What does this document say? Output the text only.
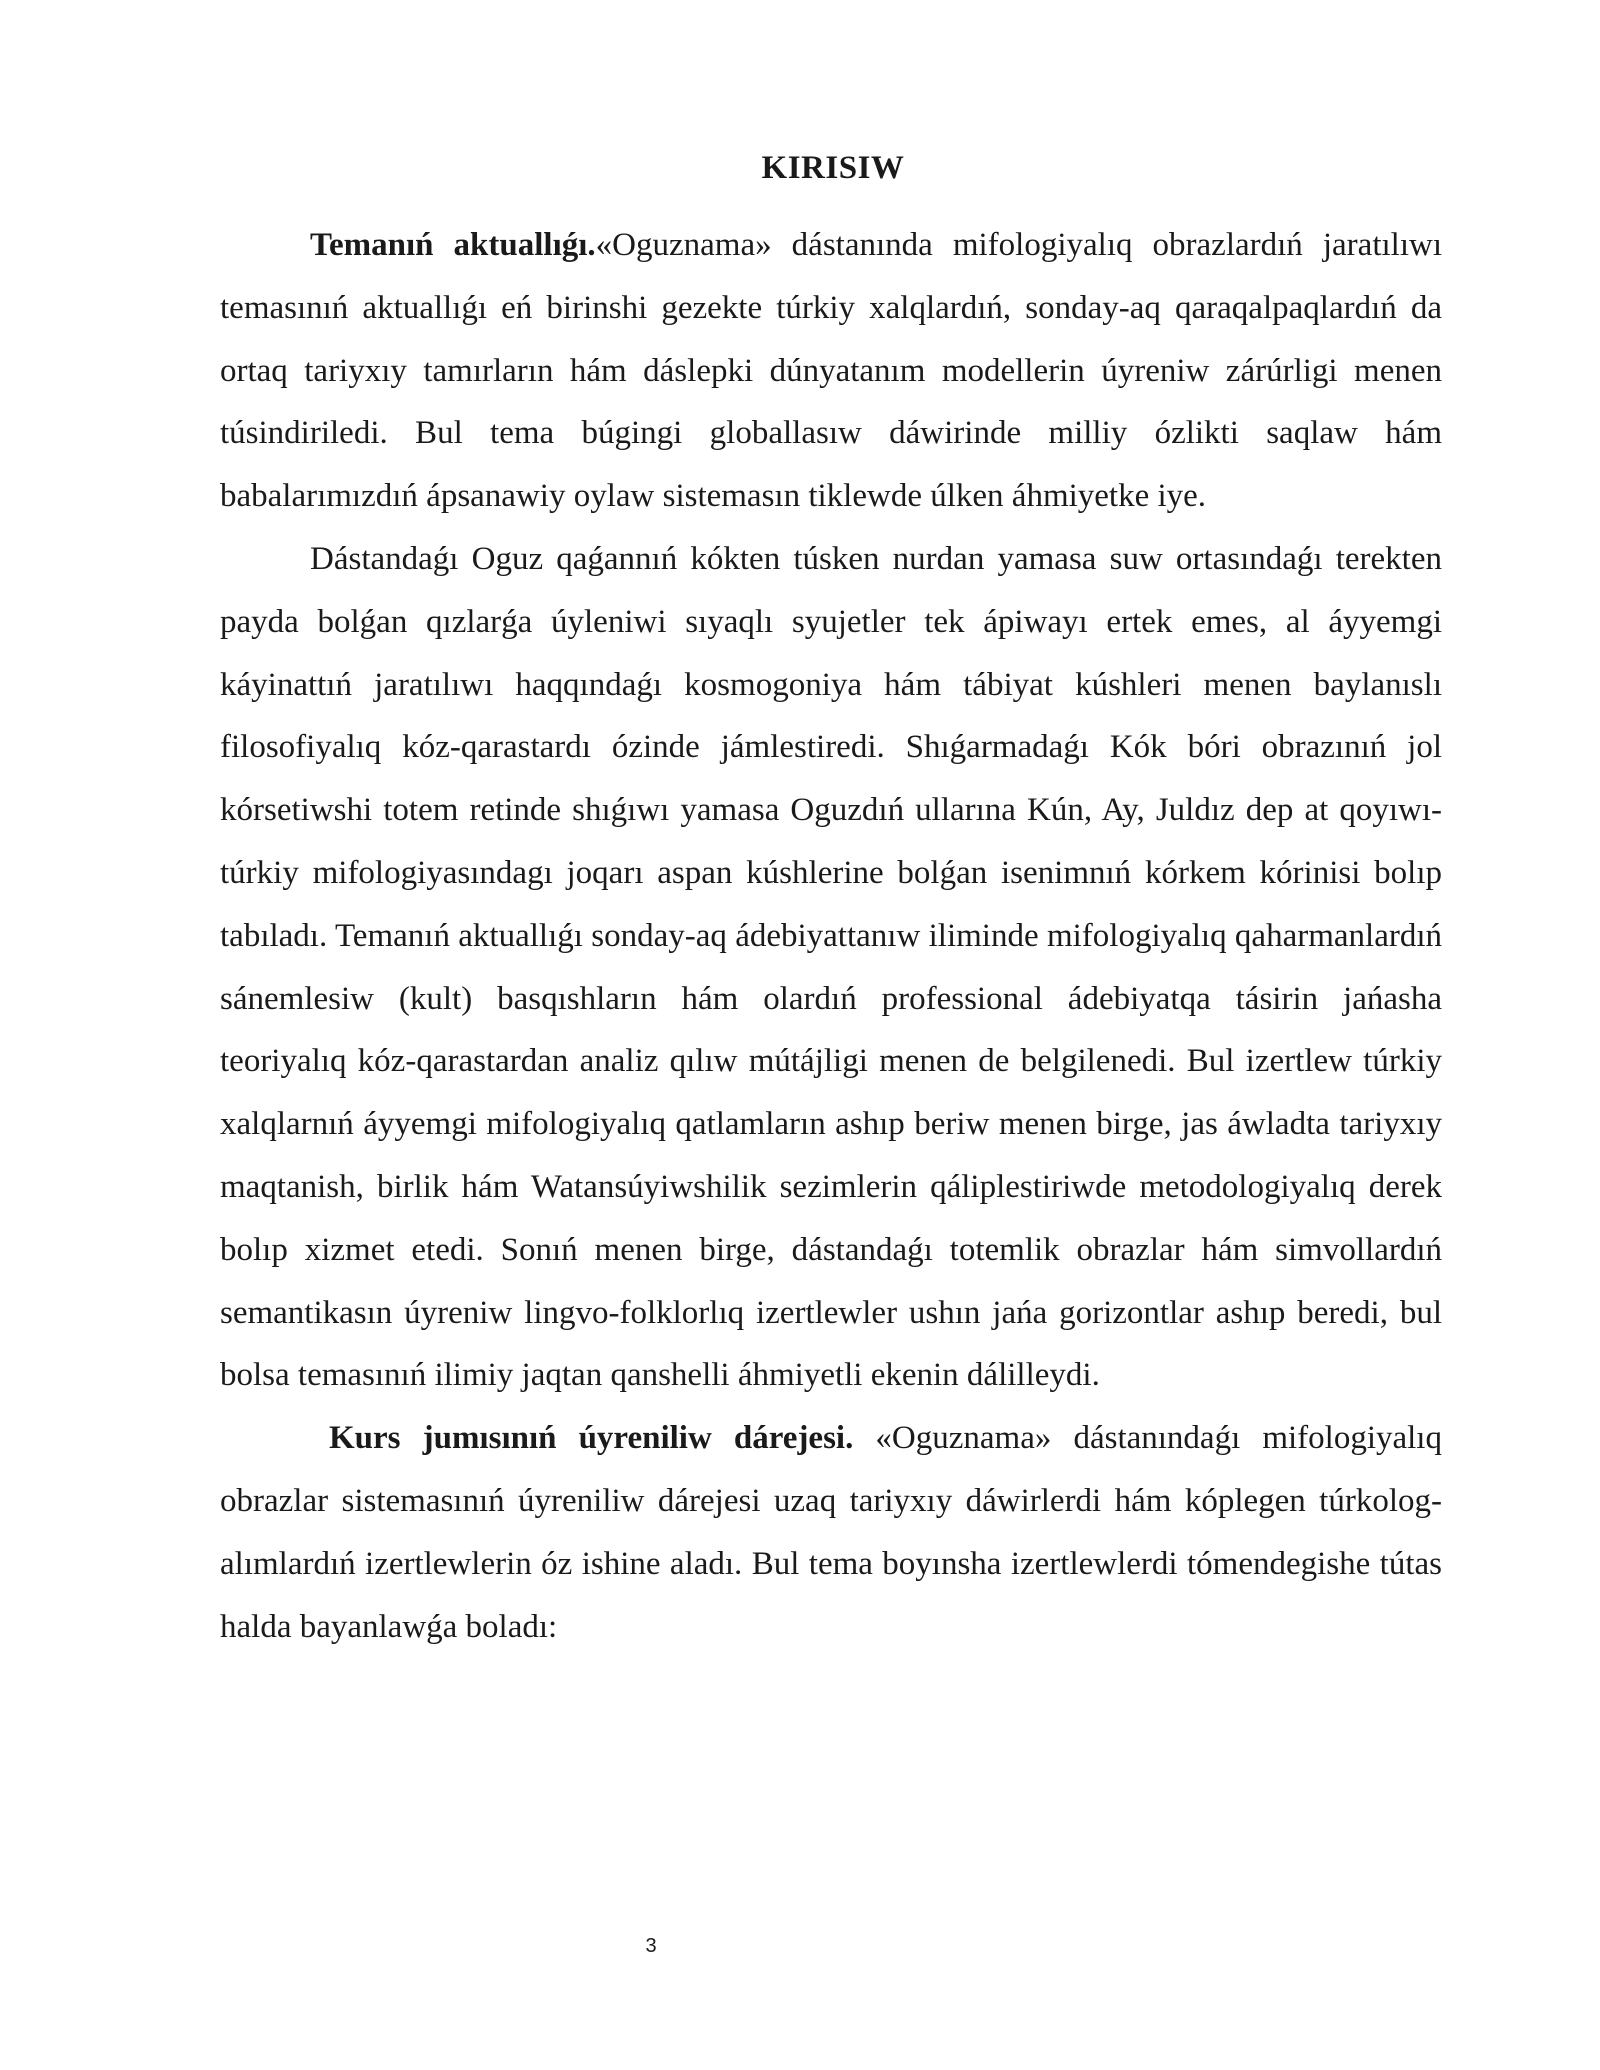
KIRISIW

Temanıń aktuallıǵı.«Oguznama» dástanında mifologiyalıq obrazlardıń jaratılıwı temasınıń aktuallıǵı eń birinshi gezekte túrkiy xalqlardıń, sonday-aq qaraqalpaqlardıń da ortaq tariyxıy tamırların hám dáslepki dúnyatanım modellerin úyreniw zárúrligi menen túsindiriledi. Bul tema búgingi globallasıw dáwirinde milliy ózlikti saqlaw hám babalarımızdıń ápsanawiy oylaw sistemasın tiklewde úlken áhmiyetke iye.

Dástandaǵı Oguz qaǵannıń kókten túsken nurdan yamasa suw ortasındaǵı terekten payda bolǵan qızlarǵa úyleniwi sıyaqlı syujetler tek ápiwayı ertek emes, al áyyemgi káyinattıń jaratılıwı haqqındaǵı kosmogoniya hám tábiyat kúshleri menen baylanıslı filosofiyalıq kóz-qarastardı ózinde jámlestiredi. Shıǵarmadaǵı Kók bóri obrazınıń jol kórsetiwshi totem retinde shıǵıwı yamasa Oguzdıń ullarına Kún, Ay, Juldız dep at qoyıwı-túrkiy mifologiyasındagı joqarı aspan kúshlerine bolǵan isenimnıń kórkem kórinisi bolıp tabıladı. Temanıń aktuallıǵı sonday-aq ádebiyattanıw iliminde mifologiyalıq qaharmanlardıń sánemlesiw (kult) basqıshların hám olardıń professional ádebiyatqa tásirin jańasha teoriyalıq kóz-qarastardan analiz qılıw mútájligi menen de belgilenedi. Bul izertlew túrkiy xalqlarnıń áyyemgi mifologiyalıq qatlamların ashıp beriw menen birge, jas áwladta tariyxıy maqtanish, birlik hám Watansúyiwshilik sezimlerin qáliplestiriwde metodologiyalıq derek bolıp xizmet etedi. Sonıń menen birge, dástandaǵı totemlik obrazlar hám simvollardıń semantikasın úyreniw lingvo-folklorlıq izertlewler ushın jańa gorizontlar ashıp beredi, bul bolsa temasınıń ilimiy jaqtan qanshelli áhmiyetli ekenin dálilleydi.

Kurs jumısınıń úyreniliw dárejesi. «Oguznama» dástanındaǵı mifologiyalıq obrazlar sistemasınıń úyreniliw dárejesi uzaq tariyxıy dáwirlerdi hám kóplegen túrkolog-alımlardıń izertlewlerin óz ishine aladı. Bul tema boyınsha izertlewlerdi tómendegishe tútas halda bayanlawǵa boladı:

3
